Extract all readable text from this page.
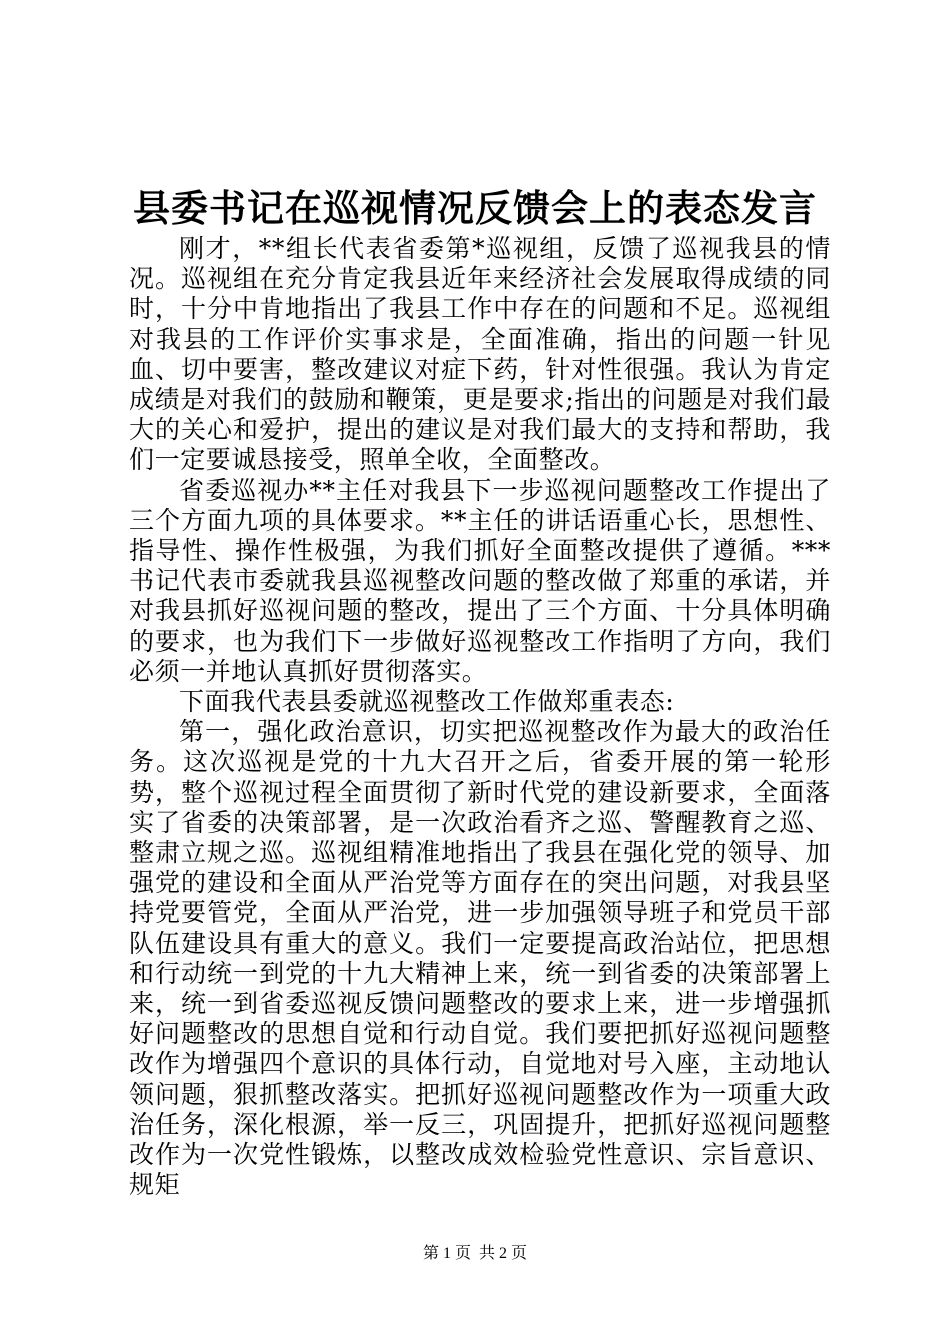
县委书记在巡视情况反馈会上的表态发言

刚才，**组长代表省委第*巡视组，反馈了巡视我县的情况。巡视组在充分肯定我县近年来经济社会发展取得成绩的同时，十分中肯地指出了我县工作中存在的问题和不足。巡视组对我县的工作评价实事求是，全面准确，指出的问题一针见血、切中要害，整改建议对症下药，针对性很强。我认为肯定成绩是对我们的鼓励和鞭策，更是要求;指出的问题是对我们最大的关心和爱护，提出的建议是对我们最大的支持和帮助，我们一定要诚恳接受，照单全收，全面整改。

省委巡视办**主任对我县下一步巡视问题整改工作提出了三个方面九项的具体要求。**主任的讲话语重心长，思想性、指导性、操作性极强，为我们抓好全面整改提供了遵循。***书记代表市委就我县巡视整改问题的整改做了郑重的承诺，并对我县抓好巡视问题的整改，提出了三个方面、十分具体明确的要求，也为我们下一步做好巡视整改工作指明了方向，我们必须一并地认真抓好贯彻落实。

下面我代表县委就巡视整改工作做郑重表态:

第一，强化政治意识，切实把巡视整改作为最大的政治任务。这次巡视是党的十九大召开之后，省委开展的第一轮形势，整个巡视过程全面贯彻了新时代党的建设新要求，全面落实了省委的决策部署，是一次政治看齐之巡、警醒教育之巡、整肃立规之巡。巡视组精准地指出了我县在强化党的领导、加强党的建设和全面从严治党等方面存在的突出问题，对我县坚持党要管党，全面从严治党，进一步加强领导班子和党员干部队伍建设具有重大的意义。我们一定要提高政治站位，把思想和行动统一到党的十九大精神上来，统一到省委的决策部署上来，统一到省委巡视反馈问题整改的要求上来，进一步增强抓好问题整改的思想自觉和行动自觉。我们要把抓好巡视问题整改作为增强四个意识的具体行动，自觉地对号入座，主动地认领问题，狠抓整改落实。把抓好巡视问题整改作为一项重大政治任务，深化根源，举一反三，巩固提升，把抓好巡视问题整改作为一次党性锻炼，以整改成效检验党性意识、宗旨意识、规矩

第 1 页 共 2 页
